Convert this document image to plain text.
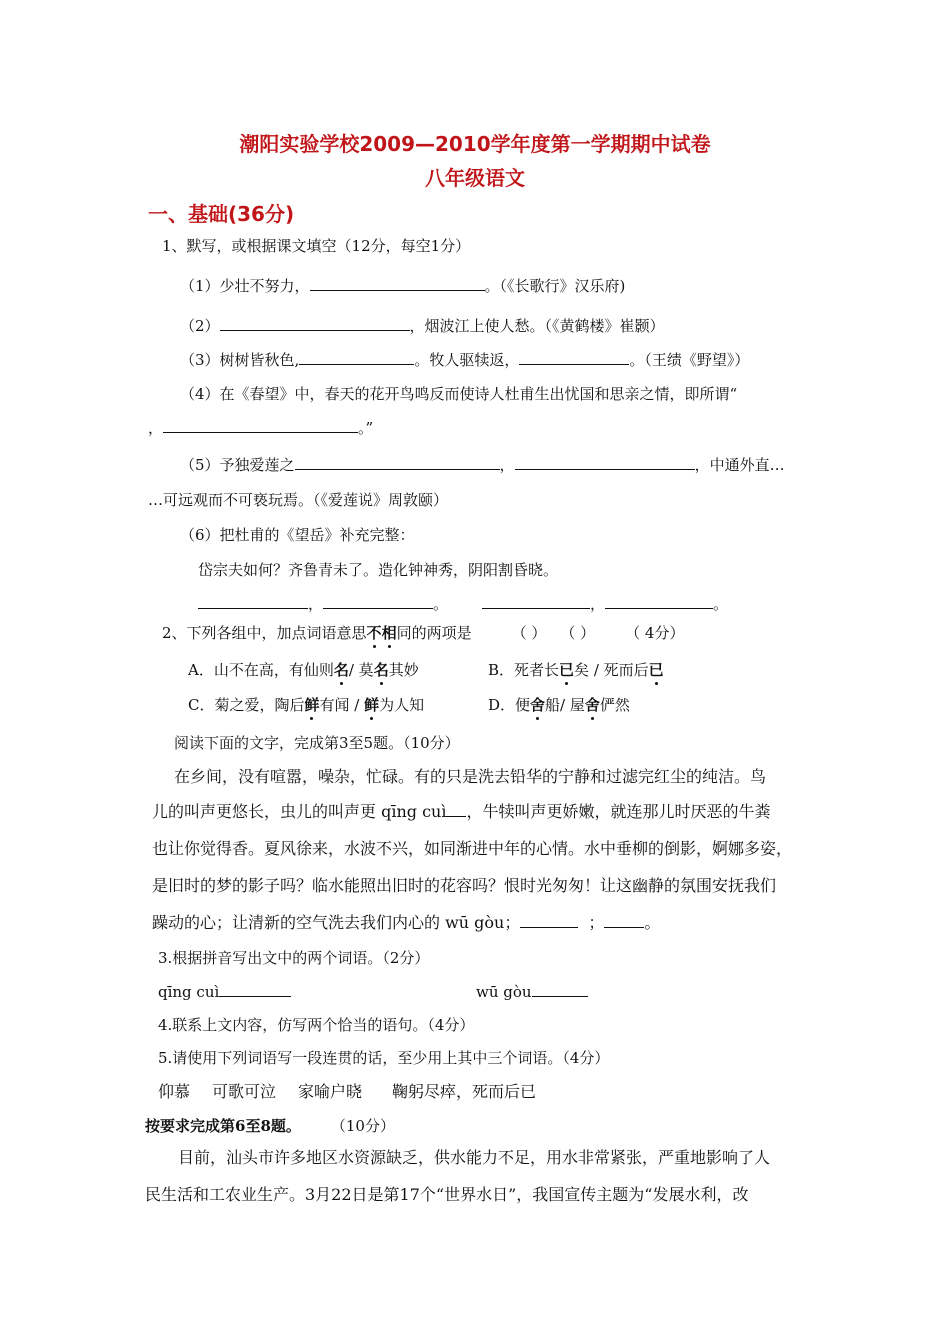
潮阳实验学校2009—2010学年度第一学期期中试卷
八年级语文
一、基础(36分)
1、默写，或根据课文填空（12分，每空1分）
（1）少壮不努力，	。（《长歌行》汉乐府)
（2）	，烟波江上使人愁。（《黄鹤楼》崔颢）
（3）树树皆秋色,	。牧人驱犊返，	。（王绩《野望》）
（4）在《春望》中，春天的花开鸟鸣反而使诗人杜甫生出忧国和思亲之情，即所谓“
，	。”
（5）予独爱莲之	，	，中通外直…
…可远观而不可亵玩焉。（《爱莲说》周敦颐）
（6）把杜甫的《望岳》补充完整：
岱宗夫如何？齐鲁青未了。造化钟神秀，阴阳割昏晓。
，	。	，	。
2、下列各组中，加点词语意思不相同的两项是	（ ） （ ） （ 4分）
A．山不在高，有仙则名/ 莫名其妙	B．死者长已矣 / 死而后已
C．菊之爱，陶后鲜有闻 / 鲜为人知	D．便舍船/ 屋舍俨然
阅读下面的文字，完成第3至5题。（10分）
在乡间，没有喧嚣，噪杂，忙碌。有的只是洗去铅华的宁静和过滤完红尘的纯洁。鸟
儿的叫声更悠长，虫儿的叫声更 qīng cuì ，牛犊叫声更娇嫩，就连那儿时厌恶的牛粪
也让你觉得香。夏风徐来，水波不兴，如同渐进中年的心情。水中垂柳的倒影，婀娜多姿，
是旧时的梦的影子吗？临水能照出旧时的花容吗？恨时光匆匆！让这幽静的氛围安抚我们
躁动的心；让清新的空气洗去我们内心的 wū gòu；	；	。
3.根据拼音写出文中的两个词语。（2分）
qīng cuì	wū gòu
4.联系上文内容，仿写两个恰当的语句。（4分）
5.请使用下列词语写一段连贯的话，至少用上其中三个词语。（4分）
仰慕 可歌可泣 家喻户晓 鞠躬尽瘁，死而后已
按要求完成第6至8题。 （10分）
目前，汕头市许多地区水资源缺乏，供水能力不足，用水非常紧张，严重地影响了人
民生活和工农业生产。3月22日是第17个“世界水日”，我国宣传主题为“发展水利，改
